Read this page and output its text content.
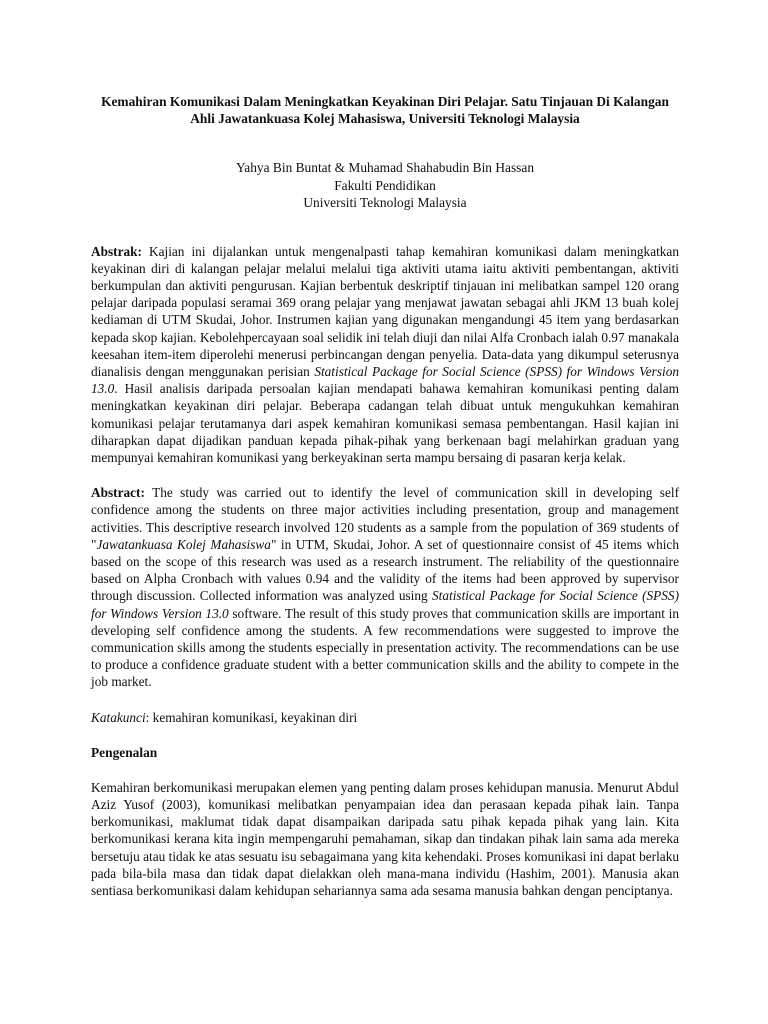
Kemahiran Komunikasi Dalam Meningkatkan Keyakinan Diri Pelajar. Satu Tinjauan Di Kalangan
Ahli Jawatankuasa Kolej Mahasiswa, Universiti Teknologi Malaysia
Yahya Bin Buntat & Muhamad Shahabudin Bin Hassan
Fakulti Pendidikan
Universiti Teknologi Malaysia

Abstrak: Kajian ini dijalankan untuk mengenalpasti tahap kemahiran komunikasi dalam meningkatkan keyakinan diri di kalangan pelajar melalui melalui tiga aktiviti utama iaitu aktiviti pembentangan, aktiviti berkumpulan dan aktiviti pengurusan. Kajian berbentuk deskriptif tinjauan ini melibatkan sampel 120 orang pelajar daripada populasi seramai 369 orang pelajar yang menjawat jawatan sebagai ahli JKM 13 buah kolej kediaman di UTM Skudai, Johor. Instrumen kajian yang digunakan mengandungi 45 item yang berdasarkan kepada skop kajian. Kebolehpercayaan soal selidik ini telah diuji dan nilai Alfa Cronbach ialah 0.97 manakala keesahan item-item diperolehi menerusi perbincangan dengan penyelia. Data-data yang dikumpul seterusnya dianalisis dengan menggunakan perisian Statistical Package for Social Science (SPSS) for Windows Version 13.0. Hasil analisis daripada persoalan kajian mendapati bahawa kemahiran komunikasi penting dalam meningkatkan keyakinan diri pelajar. Beberapa cadangan telah dibuat untuk mengukuhkan kemahiran komunikasi pelajar terutamanya dari aspek kemahiran komunikasi semasa pembentangan. Hasil kajian ini diharapkan dapat dijadikan panduan kepada pihak-pihak yang berkenaan bagi melahirkan graduan yang mempunyai kemahiran komunikasi yang berkeyakinan serta mampu bersaing di pasaran kerja kelak.

Abstract: The study was carried out to identify the level of communication skill in developing self confidence among the students on three major activities including presentation, group and management activities. This descriptive research involved 120 students as a sample from the population of 369 students of "Jawatankuasa Kolej Mahasiswa" in UTM, Skudai, Johor. A set of questionnaire consist of 45 items which based on the scope of this research was used as a research instrument. The reliability of the questionnaire based on Alpha Cronbach with values 0.94 and the validity of the items had been approved by supervisor through discussion. Collected information was analyzed using Statistical Package for Social Science (SPSS) for Windows Version 13.0 software. The result of this study proves that communication skills are important in developing self confidence among the students. A few recommendations were suggested to improve the communication skills among the students especially in presentation activity. The recommendations can be use to produce a confidence graduate student with a better communication skills and the ability to compete in the job market.

Katakunci: kemahiran komunikasi, keyakinan diri

Pengenalan

Kemahiran berkomunikasi merupakan elemen yang penting dalam proses kehidupan manusia. Menurut Abdul Aziz Yusof (2003), komunikasi melibatkan penyampaian idea dan perasaan kepada pihak lain. Tanpa berkomunikasi, maklumat tidak dapat disampaikan daripada satu pihak kepada pihak yang lain. Kita berkomunikasi kerana kita ingin mempengaruhi pemahaman, sikap dan tindakan pihak lain sama ada mereka bersetuju atau tidak ke atas sesuatu isu sebagaimana yang kita kehendaki. Proses komunikasi ini dapat berlaku pada bila-bila masa dan tidak dapat dielakkan oleh mana-mana individu (Hashim, 2001). Manusia akan sentiasa berkomunikasi dalam kehidupan sehariannya sama ada sesama manusia bahkan dengan penciptanya.
